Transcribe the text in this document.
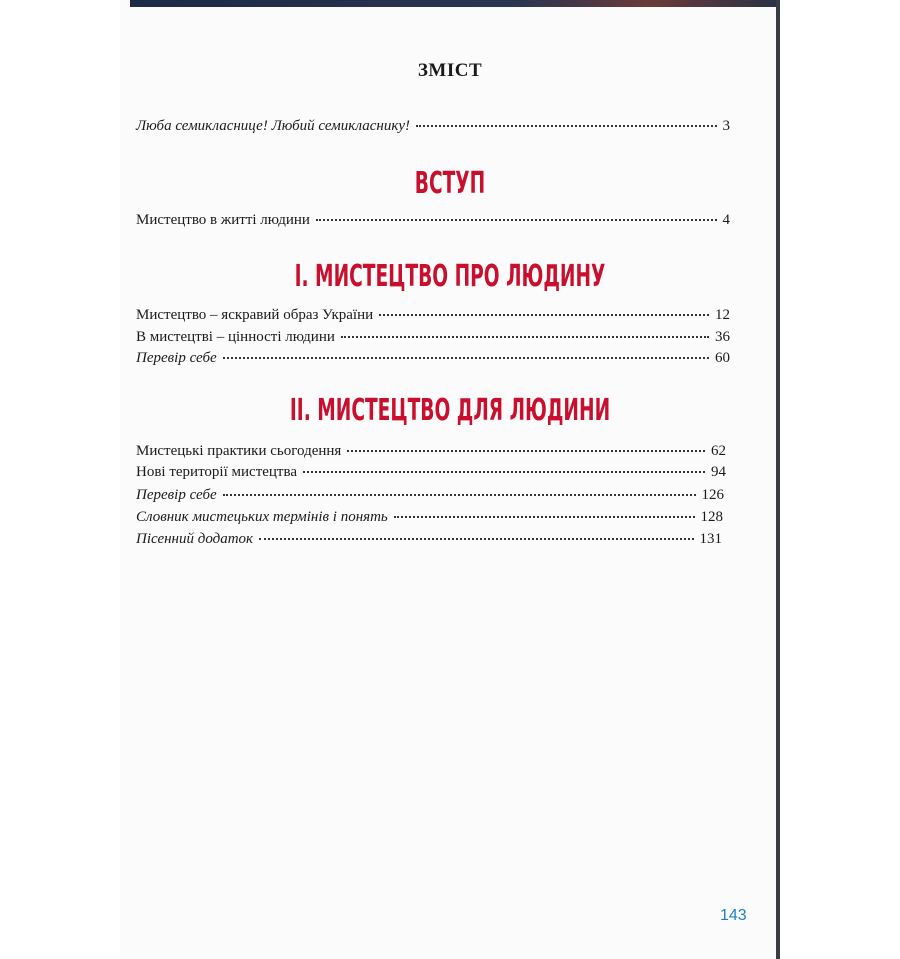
ЗМІСТ
Люба семикласнице! Любий семикласнику!	3
ВСТУП
Мистецтво в житті людини	4
І. МИСТЕЦТВО ПРО ЛЮДИНУ
Мистецтво – яскравий образ України	12
В мистецтві – цінності людини	36
Перевір себе	60
ІІ. МИСТЕЦТВО ДЛЯ ЛЮДИНИ
Мистецькі практики сьогодення	62
Нові території мистецтва	94
Перевір себе	126
Словник мистецьких термінів і понять	128
Пісенний додаток	131
143
